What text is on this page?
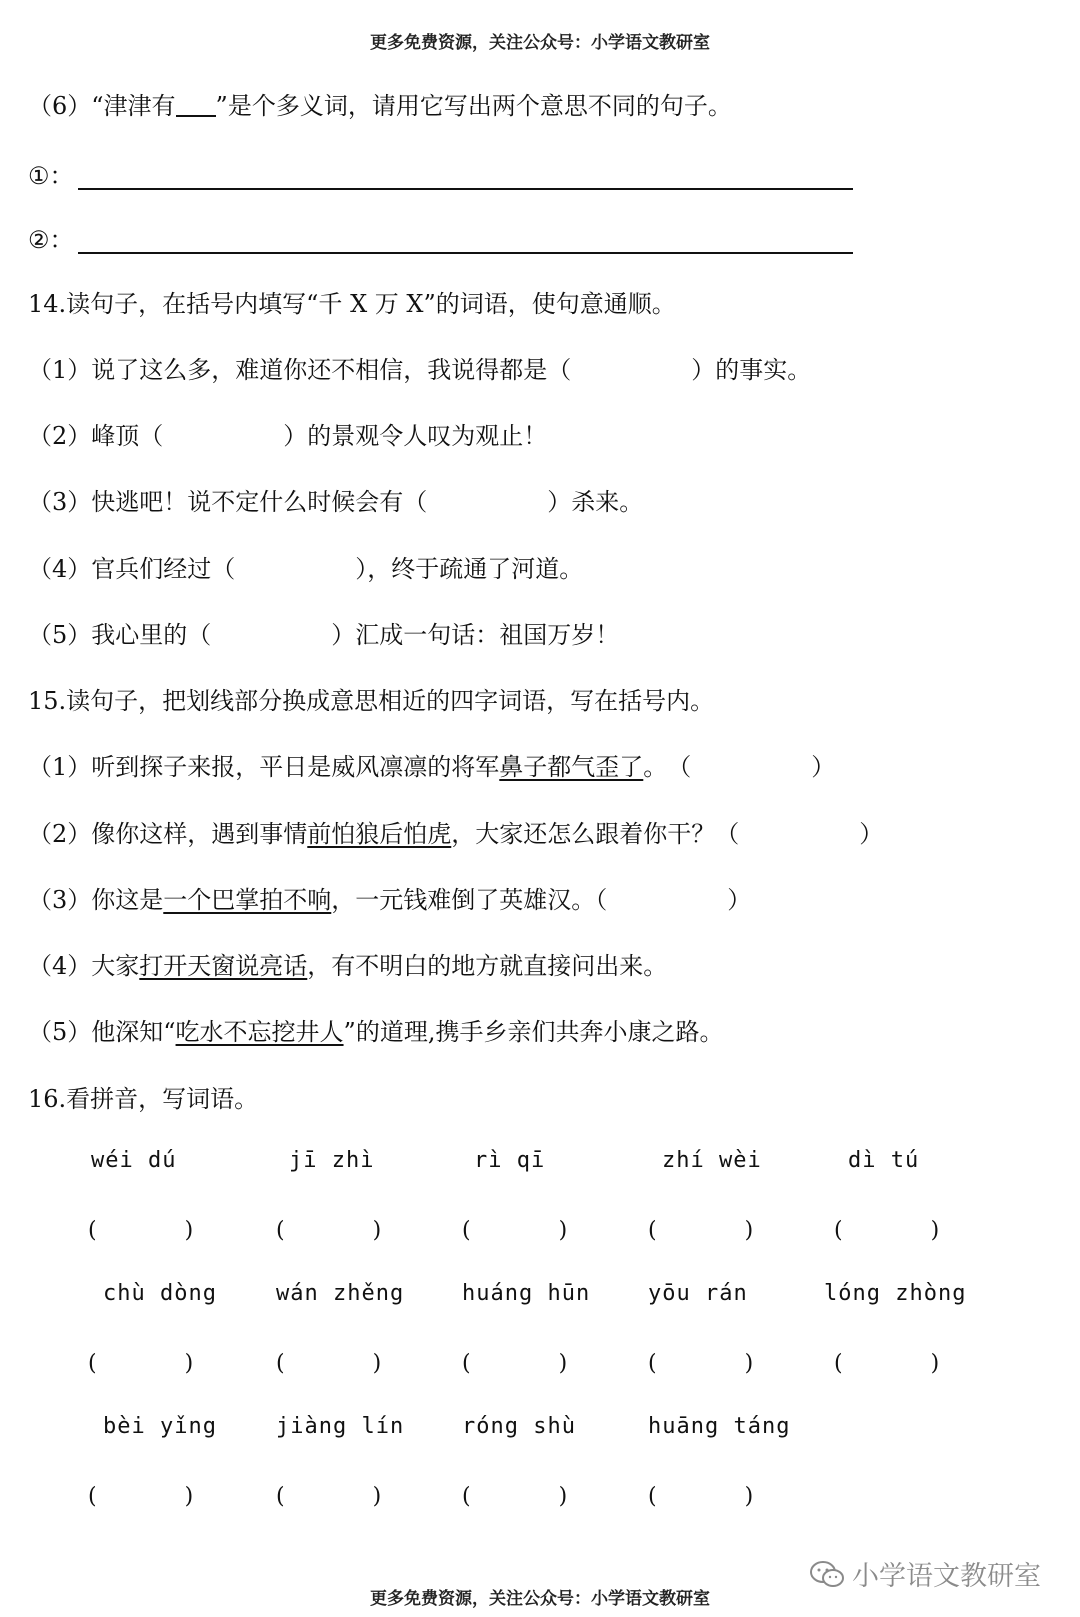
更多免费资源，关注公众号：小学语文教研室
（6）“津津有 ”是个多义词，请用它写出两个意思不同的句子。
①：
②：
14.读句子，在括号内填写“千 X 万 X”的词语，使句意通顺。
（1）说了这么多，难道你还不相信，我说得都是（　　　　　）的事实。
（2）峰顶（　　　　　）的景观令人叹为观止！
（3）快逃吧！说不定什么时候会有（　　　　　）杀来。
（4）官兵们经过（　　　　　），终于疏通了河道。
（5）我心里的（　　　　　）汇成一句话：祖国万岁！
15.读句子，把划线部分换成意思相近的四字词语，写在括号内。
（1）听到探子来报，平日是威风凛凛的将军鼻子都气歪了。　（　　　　　）
（2）像你这样，遇到事情前怕狼后怕虎，大家还怎么跟着你干？（　　　　　）
（3）你这是一个巴掌拍不响，一元钱难倒了英雄汉。（　　　　　）
（4）大家打开天窗说亮话，有不明白的地方就直接问出来。
（5）他深知“吃水不忘挖井人”的道理,携手乡亲们共奔小康之路。
16.看拼音，写词语。
wéi dú	jī zhì	rì qī	zhí wèi	dì tú
(　　　　)	(　　　　)	(　　　　)	(　　　　)	(　　　　)
chù dòng	wán zhěng	huáng hūn	yōu rán	lóng zhòng
(　　　　)	(　　　　)	(　　　　)	(　　　　)	(　　　　)
bèi yǐng	jiàng lín	róng shù	huāng táng
(　　　　)	(　　　　)	(　　　　)	(　　　　)
小学语文教研室
更多免费资源，关注公众号：小学语文教研室
